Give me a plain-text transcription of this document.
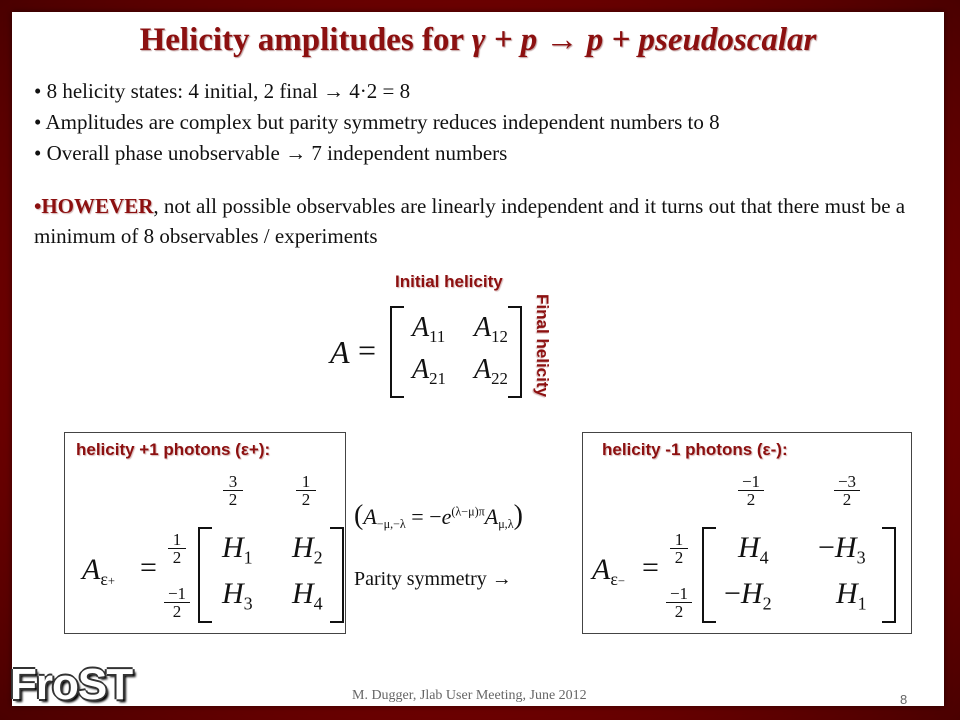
Helicity amplitudes for γ + p → p + pseudoscalar
• 8 helicity states: 4 initial, 2 final → 4·2 = 8
• Amplitudes are complex but parity symmetry reduces independent numbers to 8
• Overall phase unobservable → 7 independent numbers
•HOWEVER, not all possible observables are linearly independent and it turns out that there must be a minimum of 8 observables / experiments
Initial helicity
Final helicity
A =
$A_{11}$ $A_{12}$
$A_{21}$ $A_{22}$
helicity +1 photons (ε+):
$\frac{3}{2}$	$\frac{1}{2}$
$A_{\varepsilon+}$ =
$\frac{1}{2}$
$\frac{-1}{2}$
$H_1$ $H_2$
$H_3$ $H_4$
$(A_{-\mu,-\lambda} = -e^{(\lambda-\mu)\pi}A_{\mu,\lambda})$
Parity symmetry →
helicity -1 photons (ε-):
$\frac{-1}{2}$	$\frac{-3}{2}$
$A_{\varepsilon-}$ =
$\frac{1}{2}$
$\frac{-1}{2}$
$H_4 -H_3$
$-H_2$ $H_1$
M. Dugger, Jlab User Meeting, June 2012	8
FroST
